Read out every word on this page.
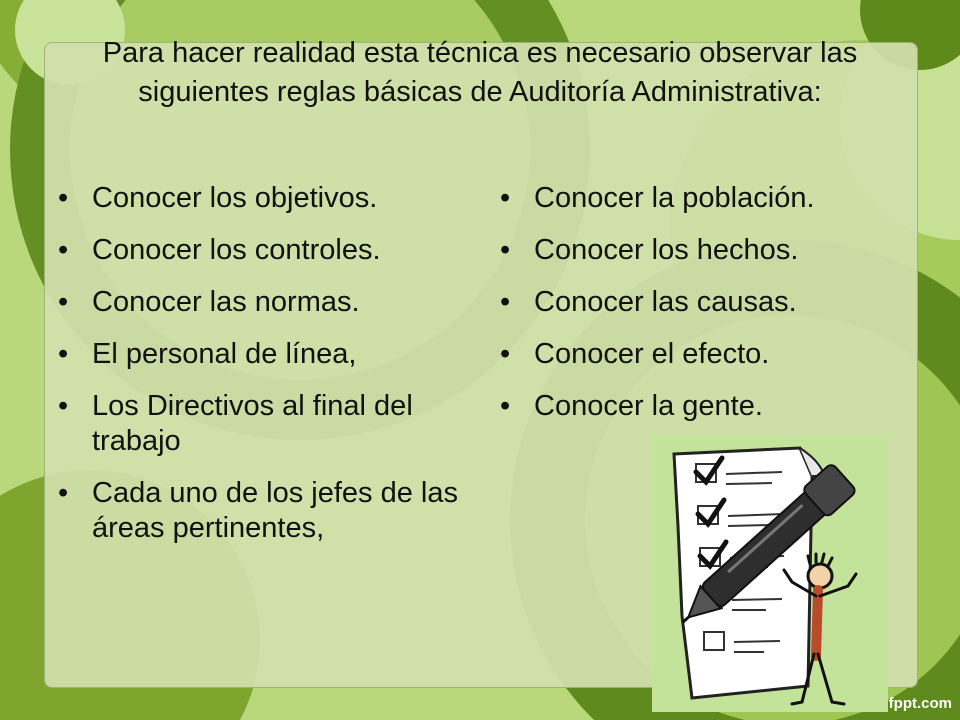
Para hacer realidad esta técnica es necesario observar las siguientes reglas básicas de Auditoría Administrativa:
• Conocer los objetivos.
• Conocer los controles.
• Conocer las normas.
• El personal de línea,
• Los Directivos al final del trabajo
• Cada uno de los jefes de las áreas pertinentes,
• Conocer la población.
• Conocer los hechos.
• Conocer las causas.
• Conocer el efecto.
• Conocer la gente.
fppt.com
